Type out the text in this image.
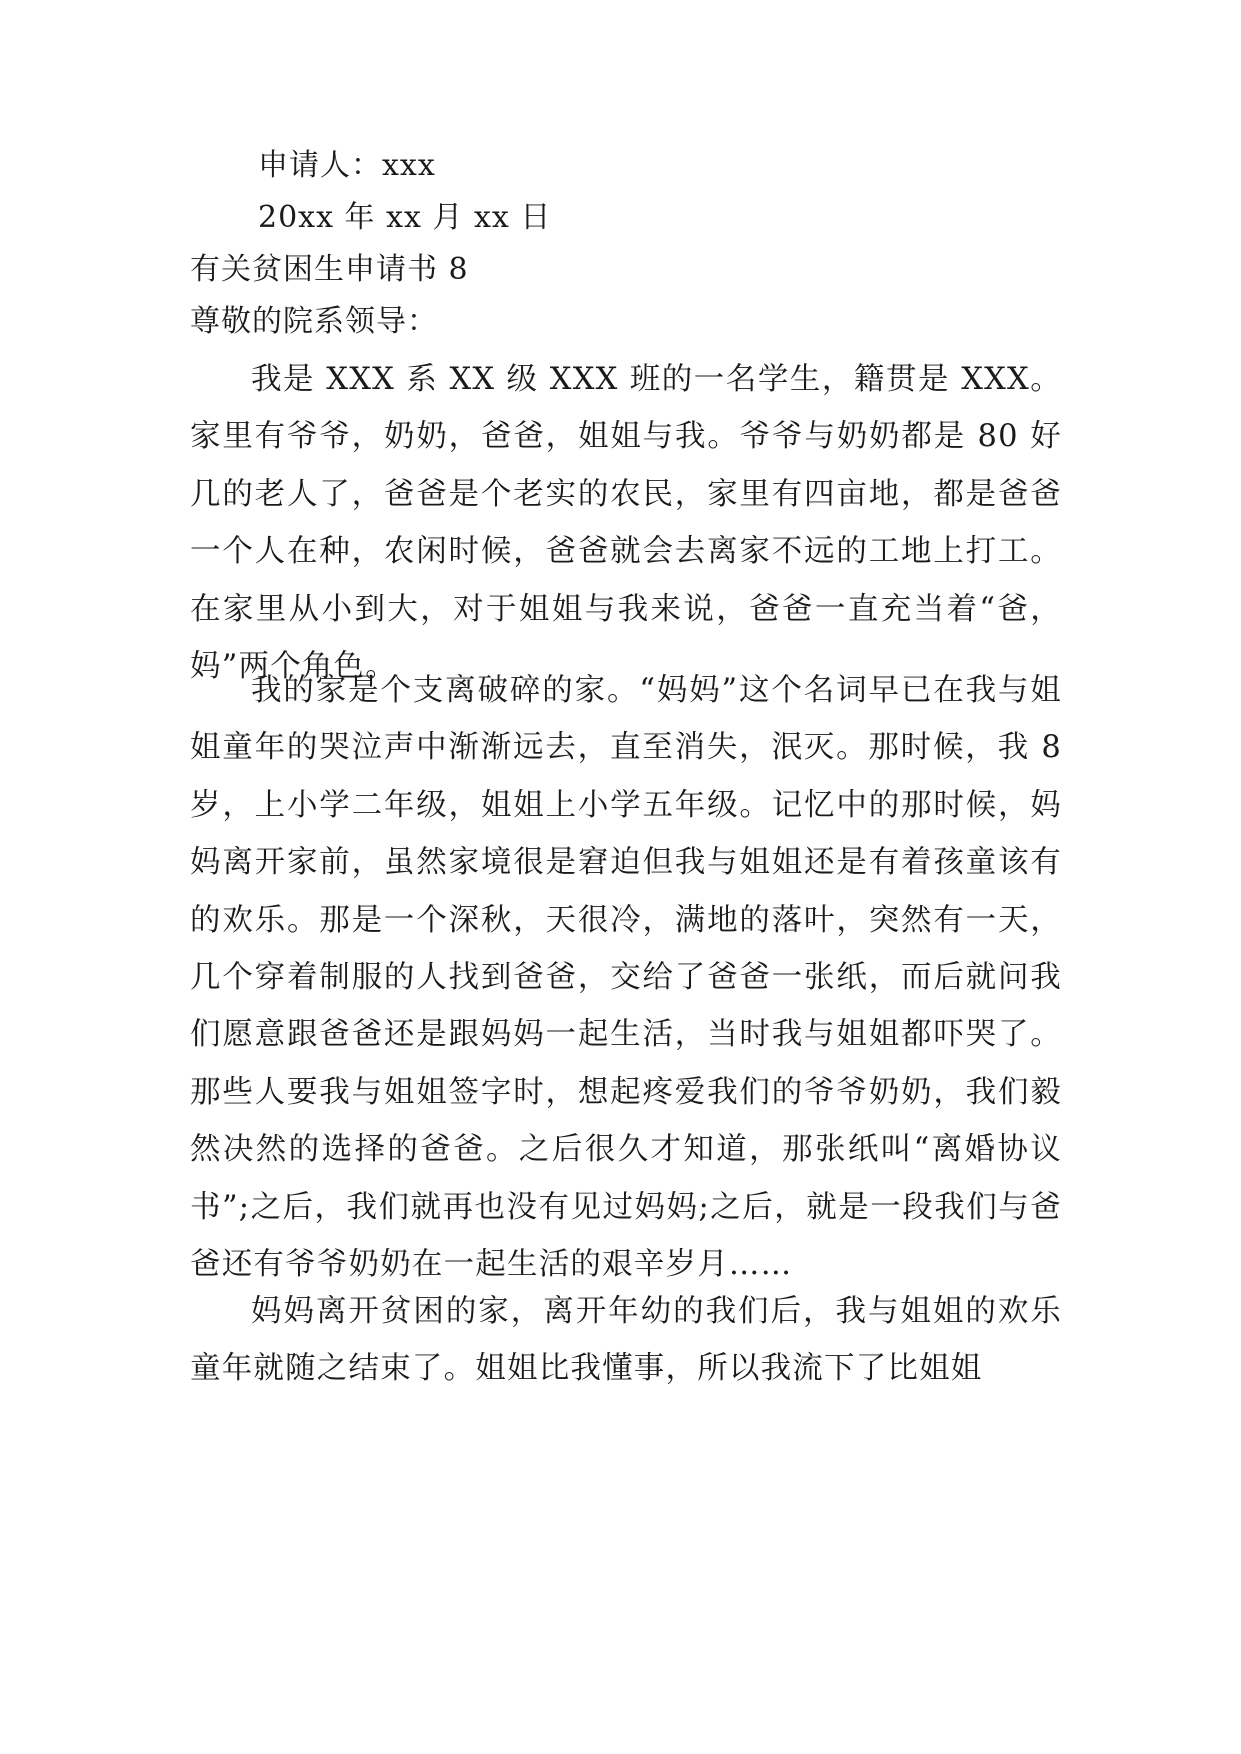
申请人：xxx
20xx 年 xx 月 xx 日
有关贫困生申请书 8
尊敬的院系领导：

我是 XXX 系 XX 级 XXX 班的一名学生，籍贯是 XXX。家里有爷爷，奶奶，爸爸，姐姐与我。爷爷与奶奶都是 80 好几的老人了，爸爸是个老实的农民，家里有四亩地，都是爸爸一个人在种，农闲时候，爸爸就会去离家不远的工地上打工。在家里从小到大，对于姐姐与我来说，爸爸一直充当着“爸，妈”两个角色。

我的家是个支离破碎的家。“妈妈”这个名词早已在我与姐姐童年的哭泣声中渐渐远去，直至消失，泯灭。那时候，我 8 岁，上小学二年级，姐姐上小学五年级。记忆中的那时候，妈妈离开家前，虽然家境很是窘迫但我与姐姐还是有着孩童该有的欢乐。那是一个深秋，天很冷，满地的落叶，突然有一天，几个穿着制服的人找到爸爸，交给了爸爸一张纸，而后就问我们愿意跟爸爸还是跟妈妈一起生活，当时我与姐姐都吓哭了。那些人要我与姐姐签字时，想起疼爱我们的爷爷奶奶，我们毅然决然的选择的爸爸。之后很久才知道，那张纸叫“离婚协议书”;之后，我们就再也没有见过妈妈;之后，就是一段我们与爸爸还有爷爷奶奶在一起生活的艰辛岁月……

妈妈离开贫困的家，离开年幼的我们后，我与姐姐的欢乐童年就随之结束了。姐姐比我懂事，所以我流下了比姐姐
